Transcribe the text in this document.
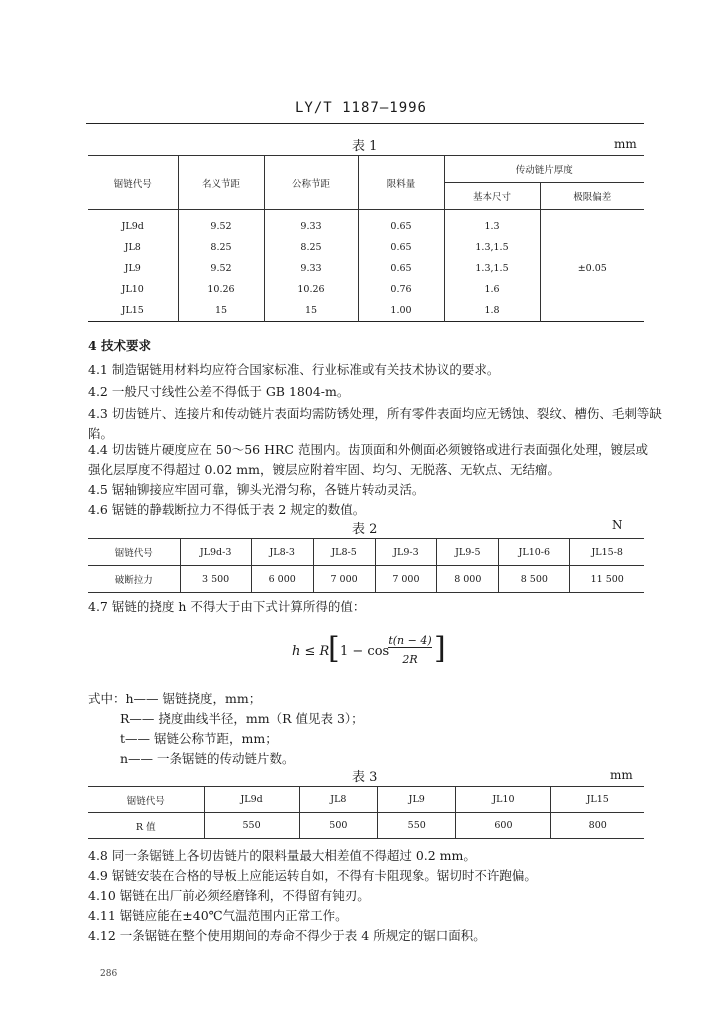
LY/T 1187—1996
表 1	mm
锯链代号	名义节距	公称节距	限料量	传动链片厚度	
				基本尺寸	极限偏差
JL9d	9.52	9.33	0.65	1.3	±0.05
JL8	8.25	8.25	0.65	1.3,1.5	
JL9	9.52	9.33	0.65	1.3,1.5	
JL10	10.26	10.26	0.76	1.6	
JL15	15	15	1.00	1.8	
4 技术要求
4.1 制造锯链用材料均应符合国家标准、行业标准或有关技术协议的要求。
4.2 一般尺寸线性公差不得低于 GB 1804-m。
4.3 切齿链片、连接片和传动链片表面均需防锈处理，所有零件表面均应无锈蚀、裂纹、槽伤、毛刺等缺
陷。
4.4 切齿链片硬度应在 50～56 HRC 范围内。齿顶面和外侧面必须镀铬或进行表面强化处理，镀层或
强化层厚度不得超过 0.02 mm，镀层应附着牢固、均匀、无脱落、无软点、无结瘤。
4.5 锯轴铆接应牢固可靠，铆头光滑匀称，各链片转动灵活。
4.6 锯链的静载断拉力不得低于表 2 规定的数值。
表 2	N
锯链代号	JL9d-3	JL8-3	JL8-5	JL9-3	JL9-5	JL10-6	JL15-8
破断拉力	3 500	6 000	7 000	7 000	8 000	8 500	11 500
4.7 锯链的挠度 h 不得大于由下式计算所得的值：
h ≤ R
[ 1 − cos
t(n − 4)
2R ]
式中：h—— 锯链挠度，mm；
R—— 挠度曲线半径，mm（R 值见表 3）；
t—— 锯链公称节距，mm；
n—— 一条锯链的传动链片数。
表 3	mm
锯链代号	JL9d	JL8	JL9	JL10	JL15
R 值	550	500	550	600	800
4.8 同一条锯链上各切齿链片的限料量最大相差值不得超过 0.2 mm。
4.9 锯链安装在合格的导板上应能运转自如，不得有卡阻现象。锯切时不许跑偏。
4.10 锯链在出厂前必须经磨锋利，不得留有钝刃。
4.11 锯链应能在±40℃气温范围内正常工作。
4.12 一条锯链在整个使用期间的寿命不得少于表 4 所规定的锯口面积。
286
